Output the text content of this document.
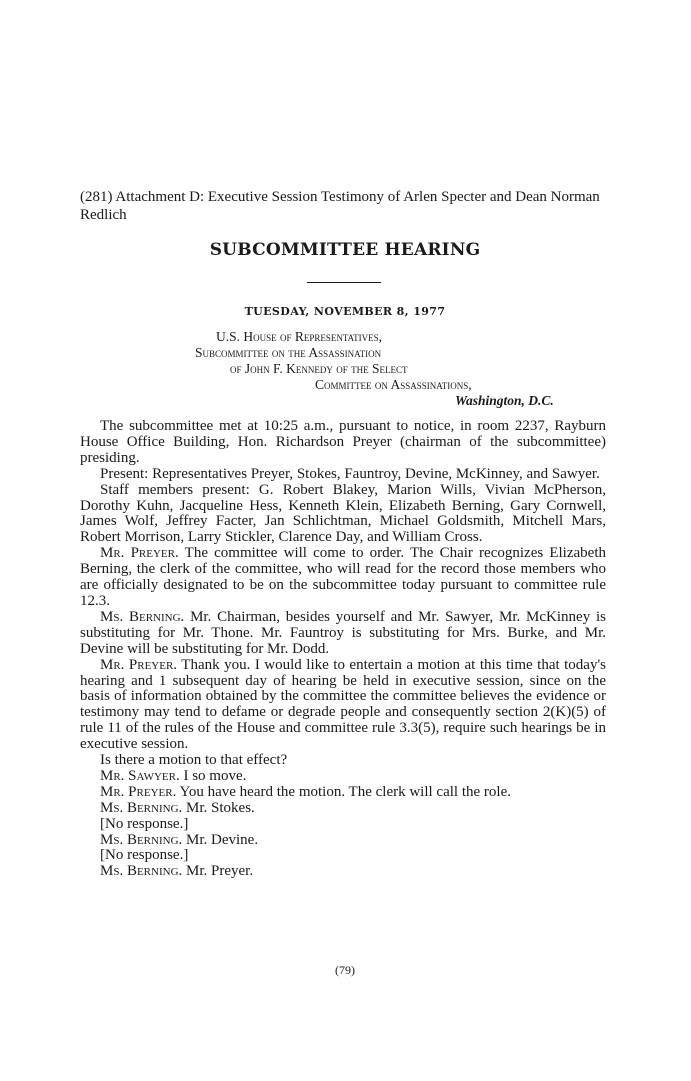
(281) Attachment D: Executive Session Testimony of Arlen Specter and Dean Norman Redlich
SUBCOMMITTEE HEARING
TUESDAY, NOVEMBER 8, 1977
U.S. House of Representatives,
Subcommittee on the Assassination
of John F. Kennedy of the Select
Committee on Assassinations,
Washington, D.C.

The subcommittee met at 10:25 a.m., pursuant to notice, in room 2237, Rayburn House Office Building, Hon. Richardson Preyer (chairman of the subcommittee) presiding.

Present: Representatives Preyer, Stokes, Fauntroy, Devine, McKinney, and Sawyer.

Staff members present: G. Robert Blakey, Marion Wills, Vivian McPherson, Dorothy Kuhn, Jacqueline Hess, Kenneth Klein, Elizabeth Berning, Gary Cornwell, James Wolf, Jeffrey Facter, Jan Schlichtman, Michael Goldsmith, Mitchell Mars, Robert Morrison, Larry Stickler, Clarence Day, and William Cross.

Mr. Preyer. The committee will come to order. The Chair recognizes Elizabeth Berning, the clerk of the committee, who will read for the record those members who are officially designated to be on the subcommittee today pursuant to committee rule 12.3.

Ms. Berning. Mr. Chairman, besides yourself and Mr. Sawyer, Mr. McKinney is substituting for Mr. Thone. Mr. Fauntroy is substituting for Mrs. Burke, and Mr. Devine will be substituting for Mr. Dodd.

Mr. Preyer. Thank you. I would like to entertain a motion at this time that today's hearing and 1 subsequent day of hearing be held in executive session, since on the basis of information obtained by the committee the committee believes the evidence or testimony may tend to defame or degrade people and consequently section 2(K)(5) of rule 11 of the rules of the House and committee rule 3.3(5), require such hearings be in executive session.

Is there a motion to that effect?

Mr. Sawyer. I so move.

Mr. Preyer. You have heard the motion. The clerk will call the role.

Ms. Berning. Mr. Stokes.

[No response.]

Ms. Berning. Mr. Devine.

[No response.]

Ms. Berning. Mr. Preyer.

(79)
